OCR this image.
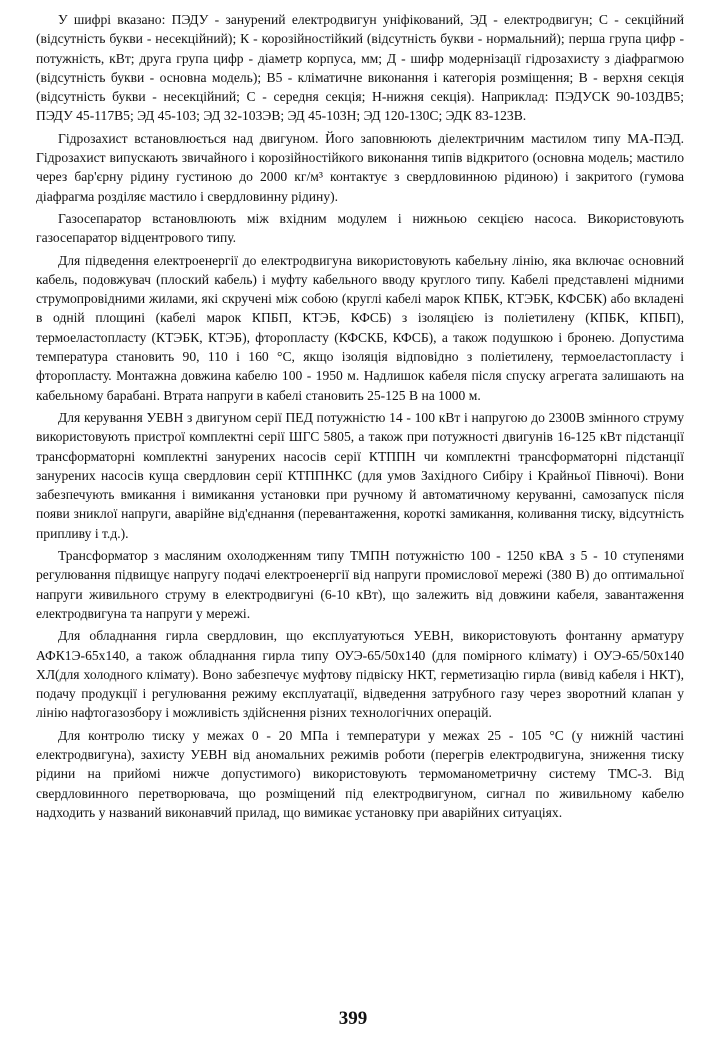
У шифрі вказано: ПЭДУ - занурений електродвигун уніфікований, ЭД - електродвигун; С - секційний (відсутність букви - несекційний); К - корозійностійкий (відсутність букви - нормальний); перша група цифр - потужність, кВт; друга група цифр - діаметр корпуса, мм; Д - шифр модернізації гідрозахисту з діафрагмою (відсутність букви - основна модель); В5 - кліматичне виконання і категорія розміщення; В - верхня секція (відсутність букви - несекційний; С - середня секція; Н-нижня секція). Наприклад: ПЭДУСК 90-103ДВ5; ПЭДУ 45-117В5; ЭД 45-103; ЭД 32-103ЭВ; ЭД 45-103Н; ЭД 120-130С; ЭДК 83-123В.

Гідрозахист встановлюється над двигуном. Його заповнюють діелектричним мастилом типу МА-ПЭД. Гідрозахист випускають звичайного і корозійностійкого виконання типів відкритого (основна модель; мастило через бар'єрну рідину густиною до 2000 кг/м³ контактує з свердловинною рідиною) і закритого (гумова діафрагма розділяє мастило і свердловинну рідину).

Газосепаратор встановлюють між вхідним модулем і нижньою секцією насоса. Використовують газосепаратор відцентрового типу.

Для підведення електроенергії до електродвигуна використовують кабельну лінію, яка включає основний кабель, подовжувач (плоский кабель) і муфту кабельного вводу круглого типу. Кабелі представлені мідними струмопровідними жилами, які скручені між собою (круглі кабелі марок КПБК, КТЭБК, КФСБК) або вкладені в одній площині (кабелі марок КПБП, КТЭБ, КФСБ) з ізоляцією із поліетилену (КПБК, КПБП), термоеластопласту (КТЭБК, КТЭБ), фторопласту (КФСКБ, КФСБ), а також подушкою і бронею. Допустима температура становить 90, 110 і 160 °С, якщо ізоляція відповідно з поліетилену, термоеластопласту і фторопласту. Монтажна довжина кабелю 100 - 1950 м. Надлишок кабеля після спуску агрегата залишають на кабельному барабані. Втрата напруги в кабелі становить 25-125 В на 1000 м.

Для керування УЕВН з двигуном серії ПЕД потужністю 14 - 100 кВт і напругою до 2300В змінного струму використовують пристрої комплектні серії ШГС 5805, а також при потужності двигунів 16-125 кВт підстанції трансформаторні комплектні занурених насосів серії КТППН чи комплектні трансформаторні підстанції занурених насосів куща свердловин серії КТППНКС (для умов Західного Сибіру і Крайньої Півночі). Вони забезпечують вмикання і вимикання установки при ручному й автоматичному керуванні, самозапуск після появи зниклої напруги, аварійне від'єднання (перевантаження, короткі замикання, коливання тиску, відсутність припливу і т.д.).

Трансформатор з масляним охолодженням типу ТМПН потужністю 100 - 1250 кВА з 5 - 10 ступенями регулювання підвищує напругу подачі електроенергії від напруги промислової мережі (380 В) до оптимальної напруги живильного струму в електродвигуні (6-10 кВт), що залежить від довжини кабеля, завантаження електродвигуна та напруги у мережі.

Для обладнання гирла свердловин, що експлуатуються УЕВН, використовують фонтанну арматуру АФК1Э-65х140, а також обладнання гирла типу ОУЭ-65/50х140 (для помірного клімату) і ОУЭ-65/50х140 ХЛ(для холодного клімату). Воно забезпечує муфтову підвіску НКТ, герметизацію гирла (вивід кабеля і НКТ), подачу продукції і регулювання режиму експлуатації, відведення затрубного газу через зворотний клапан у лінію нафтогазозбору і можливість здійснення різних технологічних операцій.

Для контролю тиску у межах 0 - 20 МПа і температури у межах 25 - 105 °С (у нижній частині електродвигуна), захисту УЕВН від аномальних режимів роботи (перегрів електродвигуна, зниження тиску рідини на прийомі нижче допустимого) використовують термоманометричну систему ТМС-3. Від свердловинного перетворювача, що розміщений під електродвигуном, сигнал по живильному кабелю надходить у названий виконавчий прилад, що вимикає установку при аварійних ситуаціях.

399
